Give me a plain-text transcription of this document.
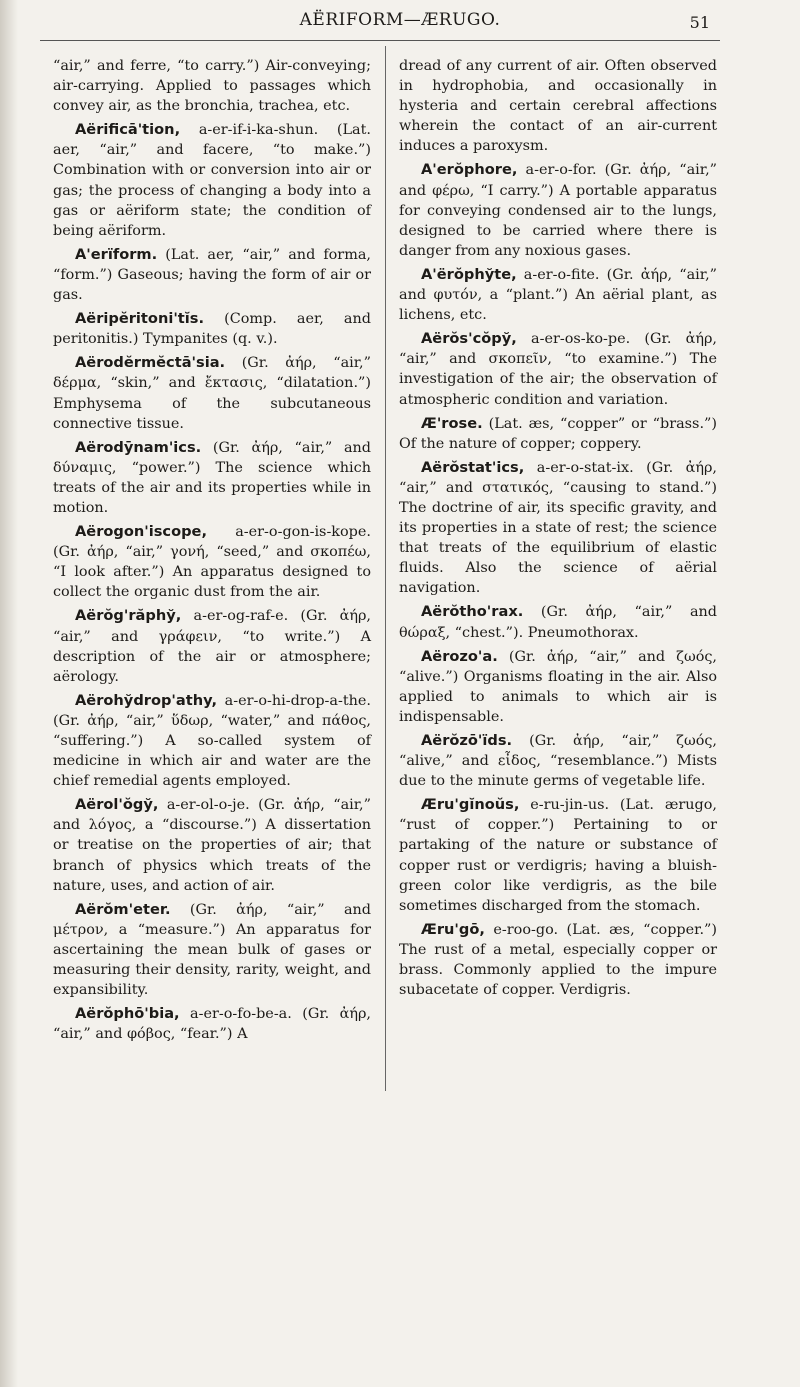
AËRIFORM—ÆRUGO.	51

“air,” and ferre, “to carry.”) Air-conveying; air-carrying. Applied to passages which convey air, as the bronchia, trachea, etc.

Aërificā'tion, a-er-if-i-ka-shun. (Lat. aer, “air,” and facere, “to make.”) Combination with or conversion into air or gas; the process of changing a body into a gas or aëriform state; the condition of being aëriform.

A'erïform. (Lat. aer, “air,” and forma, “form.”) Gaseous; having the form of air or gas.

Aëripĕritoni'tĭs. (Comp. aer, and peritonitis.) Tympanites (q. v.).

Aërodĕrmĕctā'sia. (Gr. ἀήρ, “air,” δέρμα, “skin,” and ἔκτασις, “dilatation.”) Emphysema of the subcutaneous connective tissue.

Aërodȳnam'ics. (Gr. ἀήρ, “air,” and δύναμις, “power.”) The science which treats of the air and its properties while in motion.

Aërogon'iscope, a-er-o-gon-is-kope. (Gr. ἀήρ, “air,” γονή, “seed,” and σκοπέω, “I look after.”) An apparatus designed to collect the organic dust from the air.

Aërŏg'răphy̆, a-er-og-raf-e. (Gr. ἀήρ, “air,” and γράφειν, “to write.”) A description of the air or atmosphere; aërology.

Aërohy̆drop'athy, a-er-o-hi-drop-a-the. (Gr. ἀήρ, “air,” ὕδωρ, “water,” and πάθος, “suffering.”) A so-called system of medicine in which air and water are the chief remedial agents employed.

Aërol'ŏgy̆, a-er-ol-o-je. (Gr. ἀήρ, “air,” and λόγος, a “discourse.”) A dissertation or treatise on the properties of air; that branch of physics which treats of the nature, uses, and action of air.

Aërŏm'eter. (Gr. ἀήρ, “air,” and μέτρον, a “measure.”) An apparatus for ascertaining the mean bulk of gases or measuring their density, rarity, weight, and expansibility.

Aërŏphō'bia, a-er-o-fo-be-a. (Gr. ἀήρ, “air,” and φόβος, “fear.”) A

dread of any current of air. Often observed in hydrophobia, and occasionally in hysteria and certain cerebral affections wherein the contact of an air-current induces a paroxysm.

A'erŏphore, a-er-o-for. (Gr. ἀήρ, “air,” and φέρω, “I carry.”) A portable apparatus for conveying condensed air to the lungs, designed to be carried where there is danger from any noxious gases.

A'ërŏphy̆te, a-er-o-fite. (Gr. ἀήρ, “air,” and φυτόν, a “plant.”) An aërial plant, as lichens, etc.

Aërŏs'cŏpy̆, a-er-os-ko-pe. (Gr. ἀήρ, “air,” and σκοπεῖν, “to examine.”) The investigation of the air; the observation of atmospheric condition and variation.

Æ'rose. (Lat. æs, “copper” or “brass.”) Of the nature of copper; coppery.

Aërŏstat'ics, a-er-o-stat-ix. (Gr. ἀήρ, “air,” and στατικός, “causing to stand.”) The doctrine of air, its specific gravity, and its properties in a state of rest; the science that treats of the equilibrium of elastic fluids. Also the science of aërial navigation.

Aërŏtho'rax. (Gr. ἀήρ, “air,” and θώραξ, “chest.”). Pneumothorax.

Aërozo'a. (Gr. ἀήρ, “air,” and ζωός, “alive.”) Organisms floating in the air. Also applied to animals to which air is indispensable.

Aërŏzō'ïds. (Gr. ἀήρ, “air,” ζωός, “alive,” and εἶδος, “resemblance.”) Mists due to the minute germs of vegetable life.

Æru'gĭnoŭs, e-ru-jin-us. (Lat. ærugo, “rust of copper.”) Pertaining to or partaking of the nature or substance of copper rust or verdigris; having a bluish-green color like verdigris, as the bile sometimes discharged from the stomach.

Æru'gō, e-roo-go. (Lat. æs, “copper.”) The rust of a metal, especially copper or brass. Commonly applied to the impure subacetate of copper. Verdigris.
